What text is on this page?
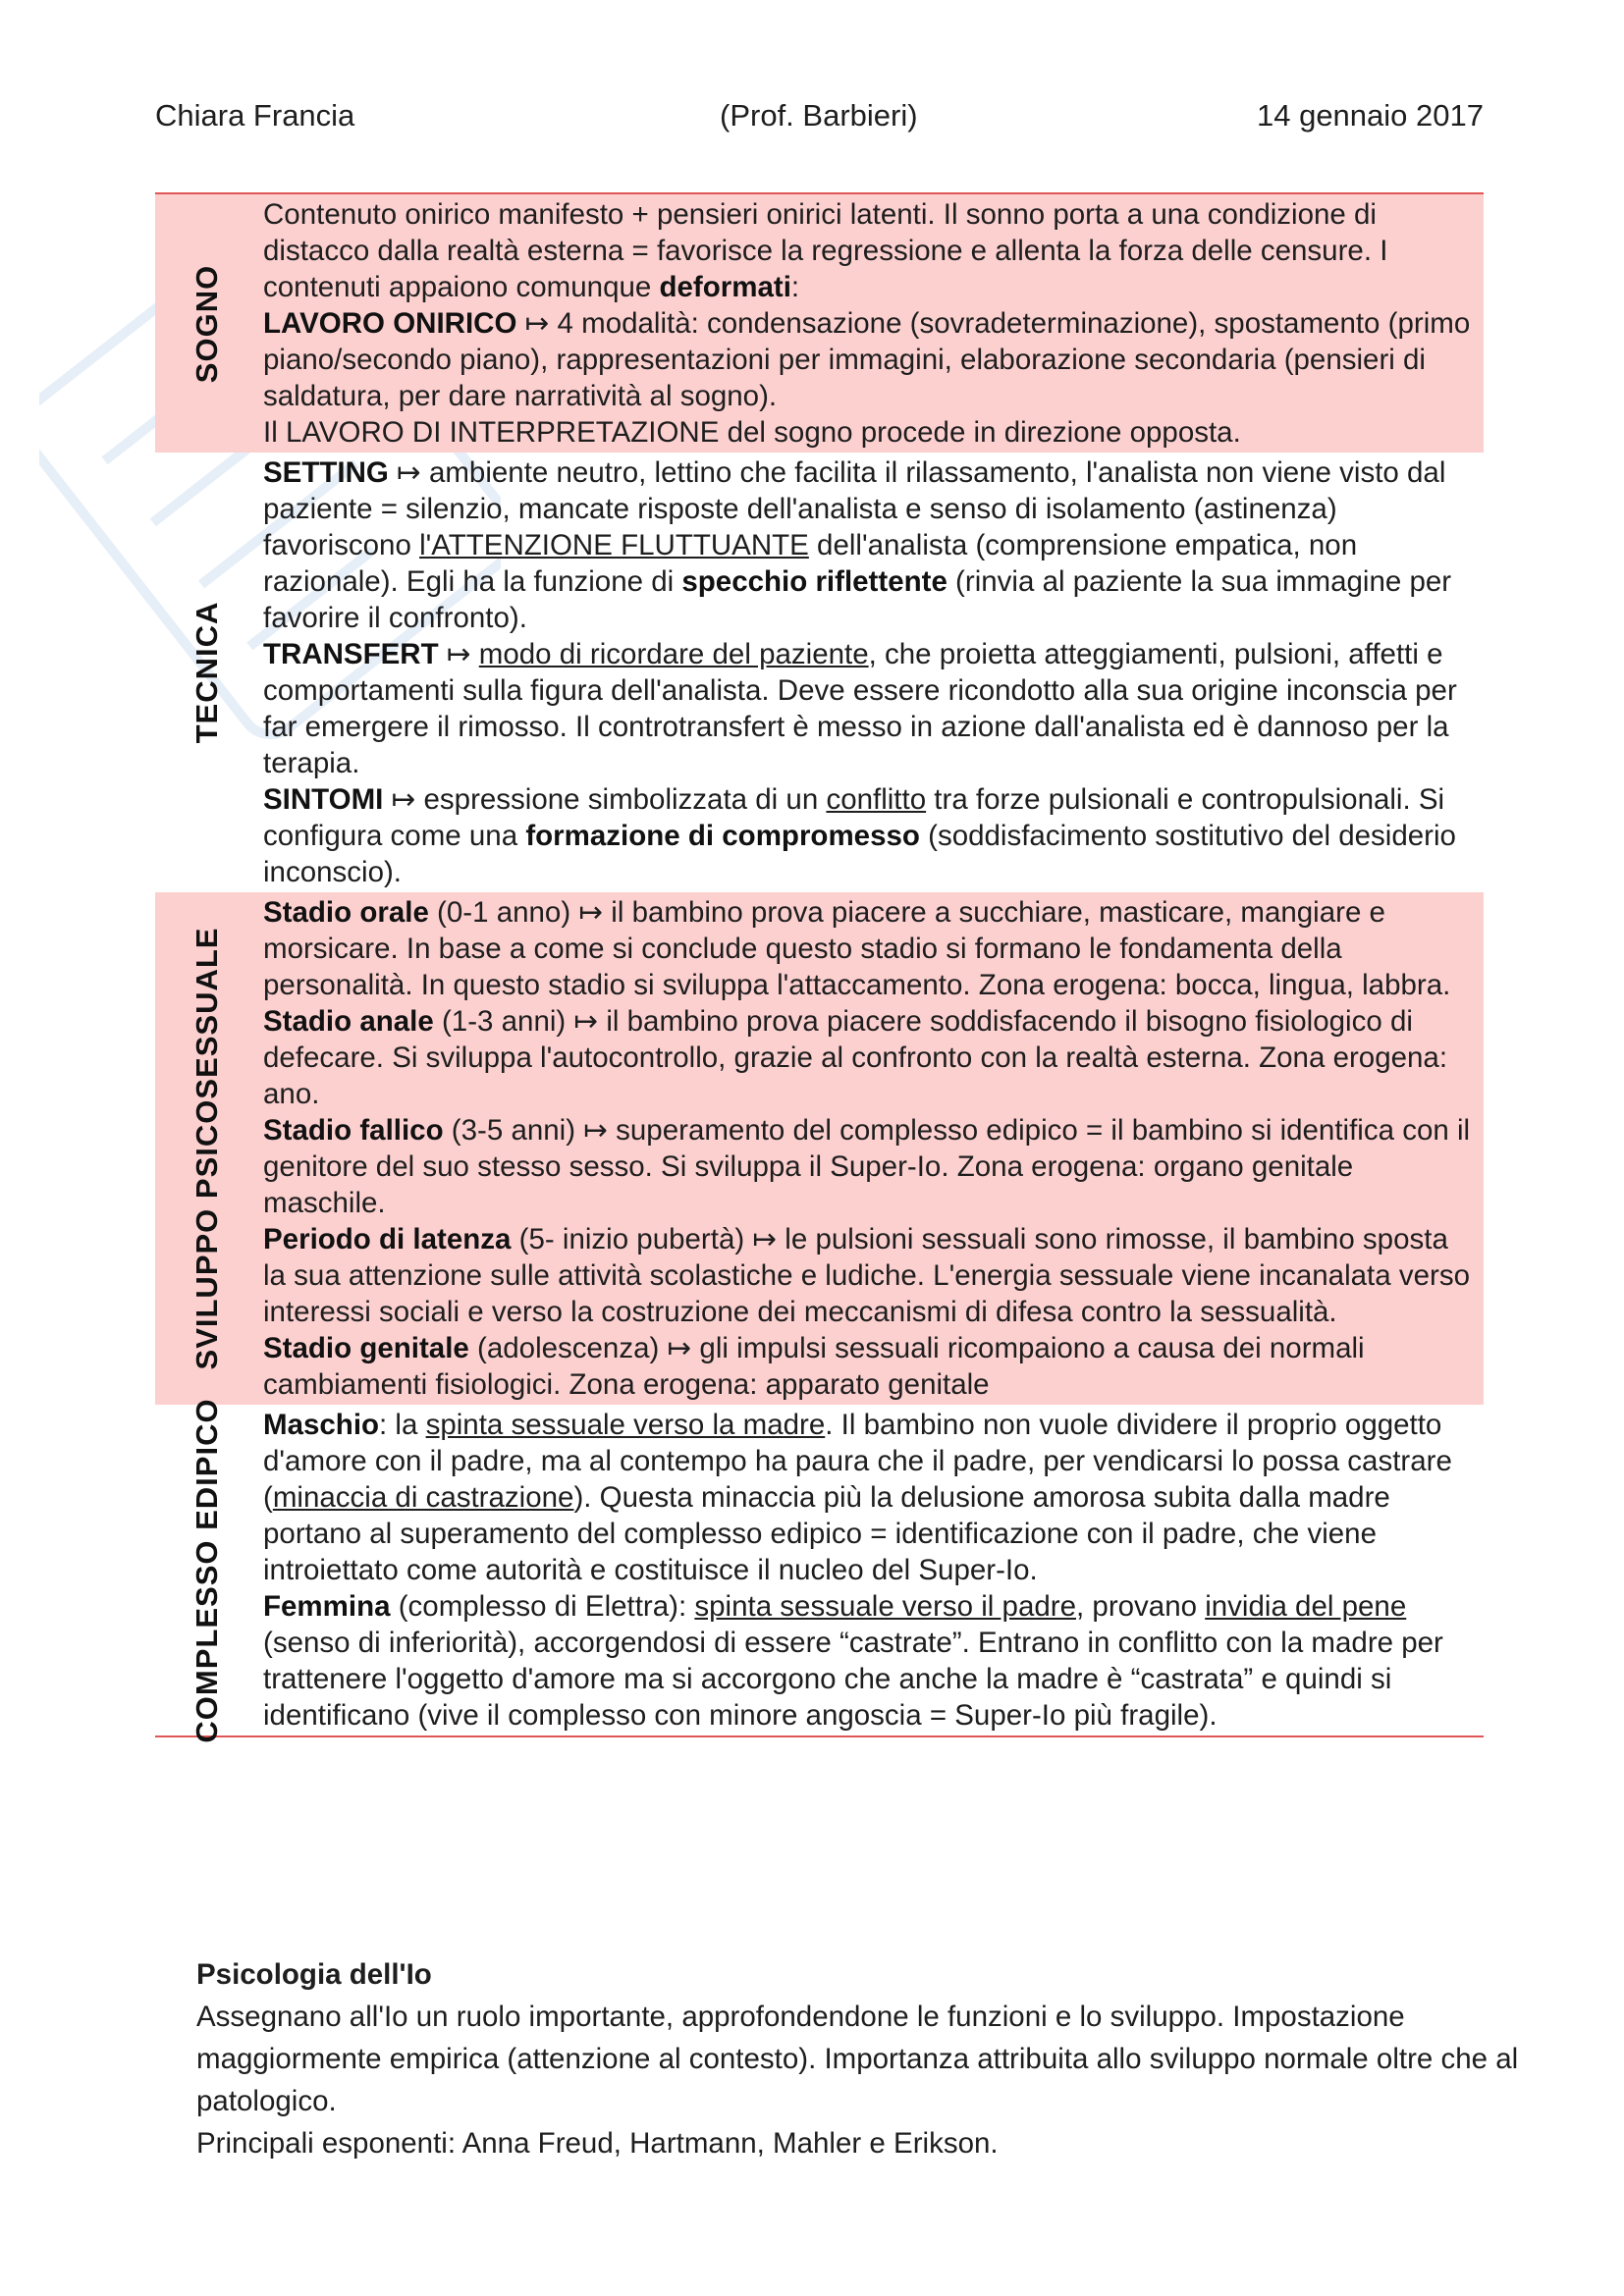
Chiara Francia	(Prof. Barbieri)	14 gennaio 2017
SOGNO	Contenuto onirico manifesto + pensieri onirici latenti. Il sonno porta a una condizione di distacco dalla realtà esterna = favorisce la regressione e allenta la forza delle censure. I contenuti appaiono comunque deformati:

LAVORO ONIRICO ↦ 4 modalità: condensazione (sovradeterminazione), spostamento (primo piano/secondo piano), rappresentazioni per immagini, elaborazione secondaria (pensieri di saldatura, per dare narratività al sogno).

Il LAVORO DI INTERPRETAZIONE del sogno procede in direzione opposta.

TECNICA	SETTING ↦ ambiente neutro, lettino che facilita il rilassamento, l'analista non viene visto dal paziente = silenzio, mancate risposte dell'analista e senso di isolamento (astinenza) favoriscono l'ATTENZIONE FLUTTUANTE dell'analista (comprensione empatica, non razionale). Egli ha la funzione di specchio riflettente (rinvia al paziente la sua immagine per favorire il confronto).

TRANSFERT ↦ modo di ricordare del paziente, che proietta atteggiamenti, pulsioni, affetti e comportamenti sulla figura dell'analista. Deve essere ricondotto alla sua origine inconscia per far emergere il rimosso. Il controtransfert è messo in azione dall'analista ed è dannoso per la terapia.

SINTOMI ↦ espressione simbolizzata di un conflitto tra forze pulsionali e contropulsionali. Si configura come una formazione di compromesso (soddisfacimento sostitutivo del desiderio inconscio).

SVILUPPO PSICOSESSUALE	Stadio orale (0-1 anno) ↦ il bambino prova piacere a succhiare, masticare, mangiare e morsicare. In base a come si conclude questo stadio si formano le fondamenta della personalità. In questo stadio si sviluppa l'attaccamento. Zona erogena: bocca, lingua, labbra.

Stadio anale (1-3 anni) ↦ il bambino prova piacere soddisfacendo il bisogno fisiologico di defecare. Si sviluppa l'autocontrollo, grazie al confronto con la realtà esterna. Zona erogena: ano.

Stadio fallico (3-5 anni) ↦ superamento del complesso edipico = il bambino si identifica con il genitore del suo stesso sesso. Si sviluppa il Super-Io. Zona erogena: organo genitale maschile.

Periodo di latenza (5- inizio pubertà) ↦ le pulsioni sessuali sono rimosse, il bambino sposta la sua attenzione sulle attività scolastiche e ludiche. L'energia sessuale viene incanalata verso interessi sociali e verso la costruzione dei meccanismi di difesa contro la sessualità.

Stadio genitale (adolescenza) ↦ gli impulsi sessuali ricompaiono a causa dei normali cambiamenti fisiologici. Zona erogena: apparato genitale

COMPLESSO EDIPICO	Maschio: la spinta sessuale verso la madre. Il bambino non vuole dividere il proprio oggetto d'amore con il padre, ma al contempo ha paura che il padre, per vendicarsi lo possa castrare (minaccia di castrazione). Questa minaccia più la delusione amorosa subita dalla madre portano al superamento del complesso edipico = identificazione con il padre, che viene introiettato come autorità e costituisce il nucleo del Super-Io.

Femmina (complesso di Elettra): spinta sessuale verso il padre, provano invidia del pene (senso di inferiorità), accorgendosi di essere “castrate”. Entrano in conflitto con la madre per trattenere l'oggetto d'amore ma si accorgono che anche la madre è “castrata” e quindi si identificano (vive il complesso con minore angoscia = Super-Io più fragile).

Psicologia dell'Io

Assegnano all'Io un ruolo importante, approfondendone le funzioni e lo sviluppo. Impostazione maggiormente empirica (attenzione al contesto). Importanza attribuita allo sviluppo normale oltre che al patologico.

Principali esponenti: Anna Freud, Hartmann, Mahler e Erikson.
